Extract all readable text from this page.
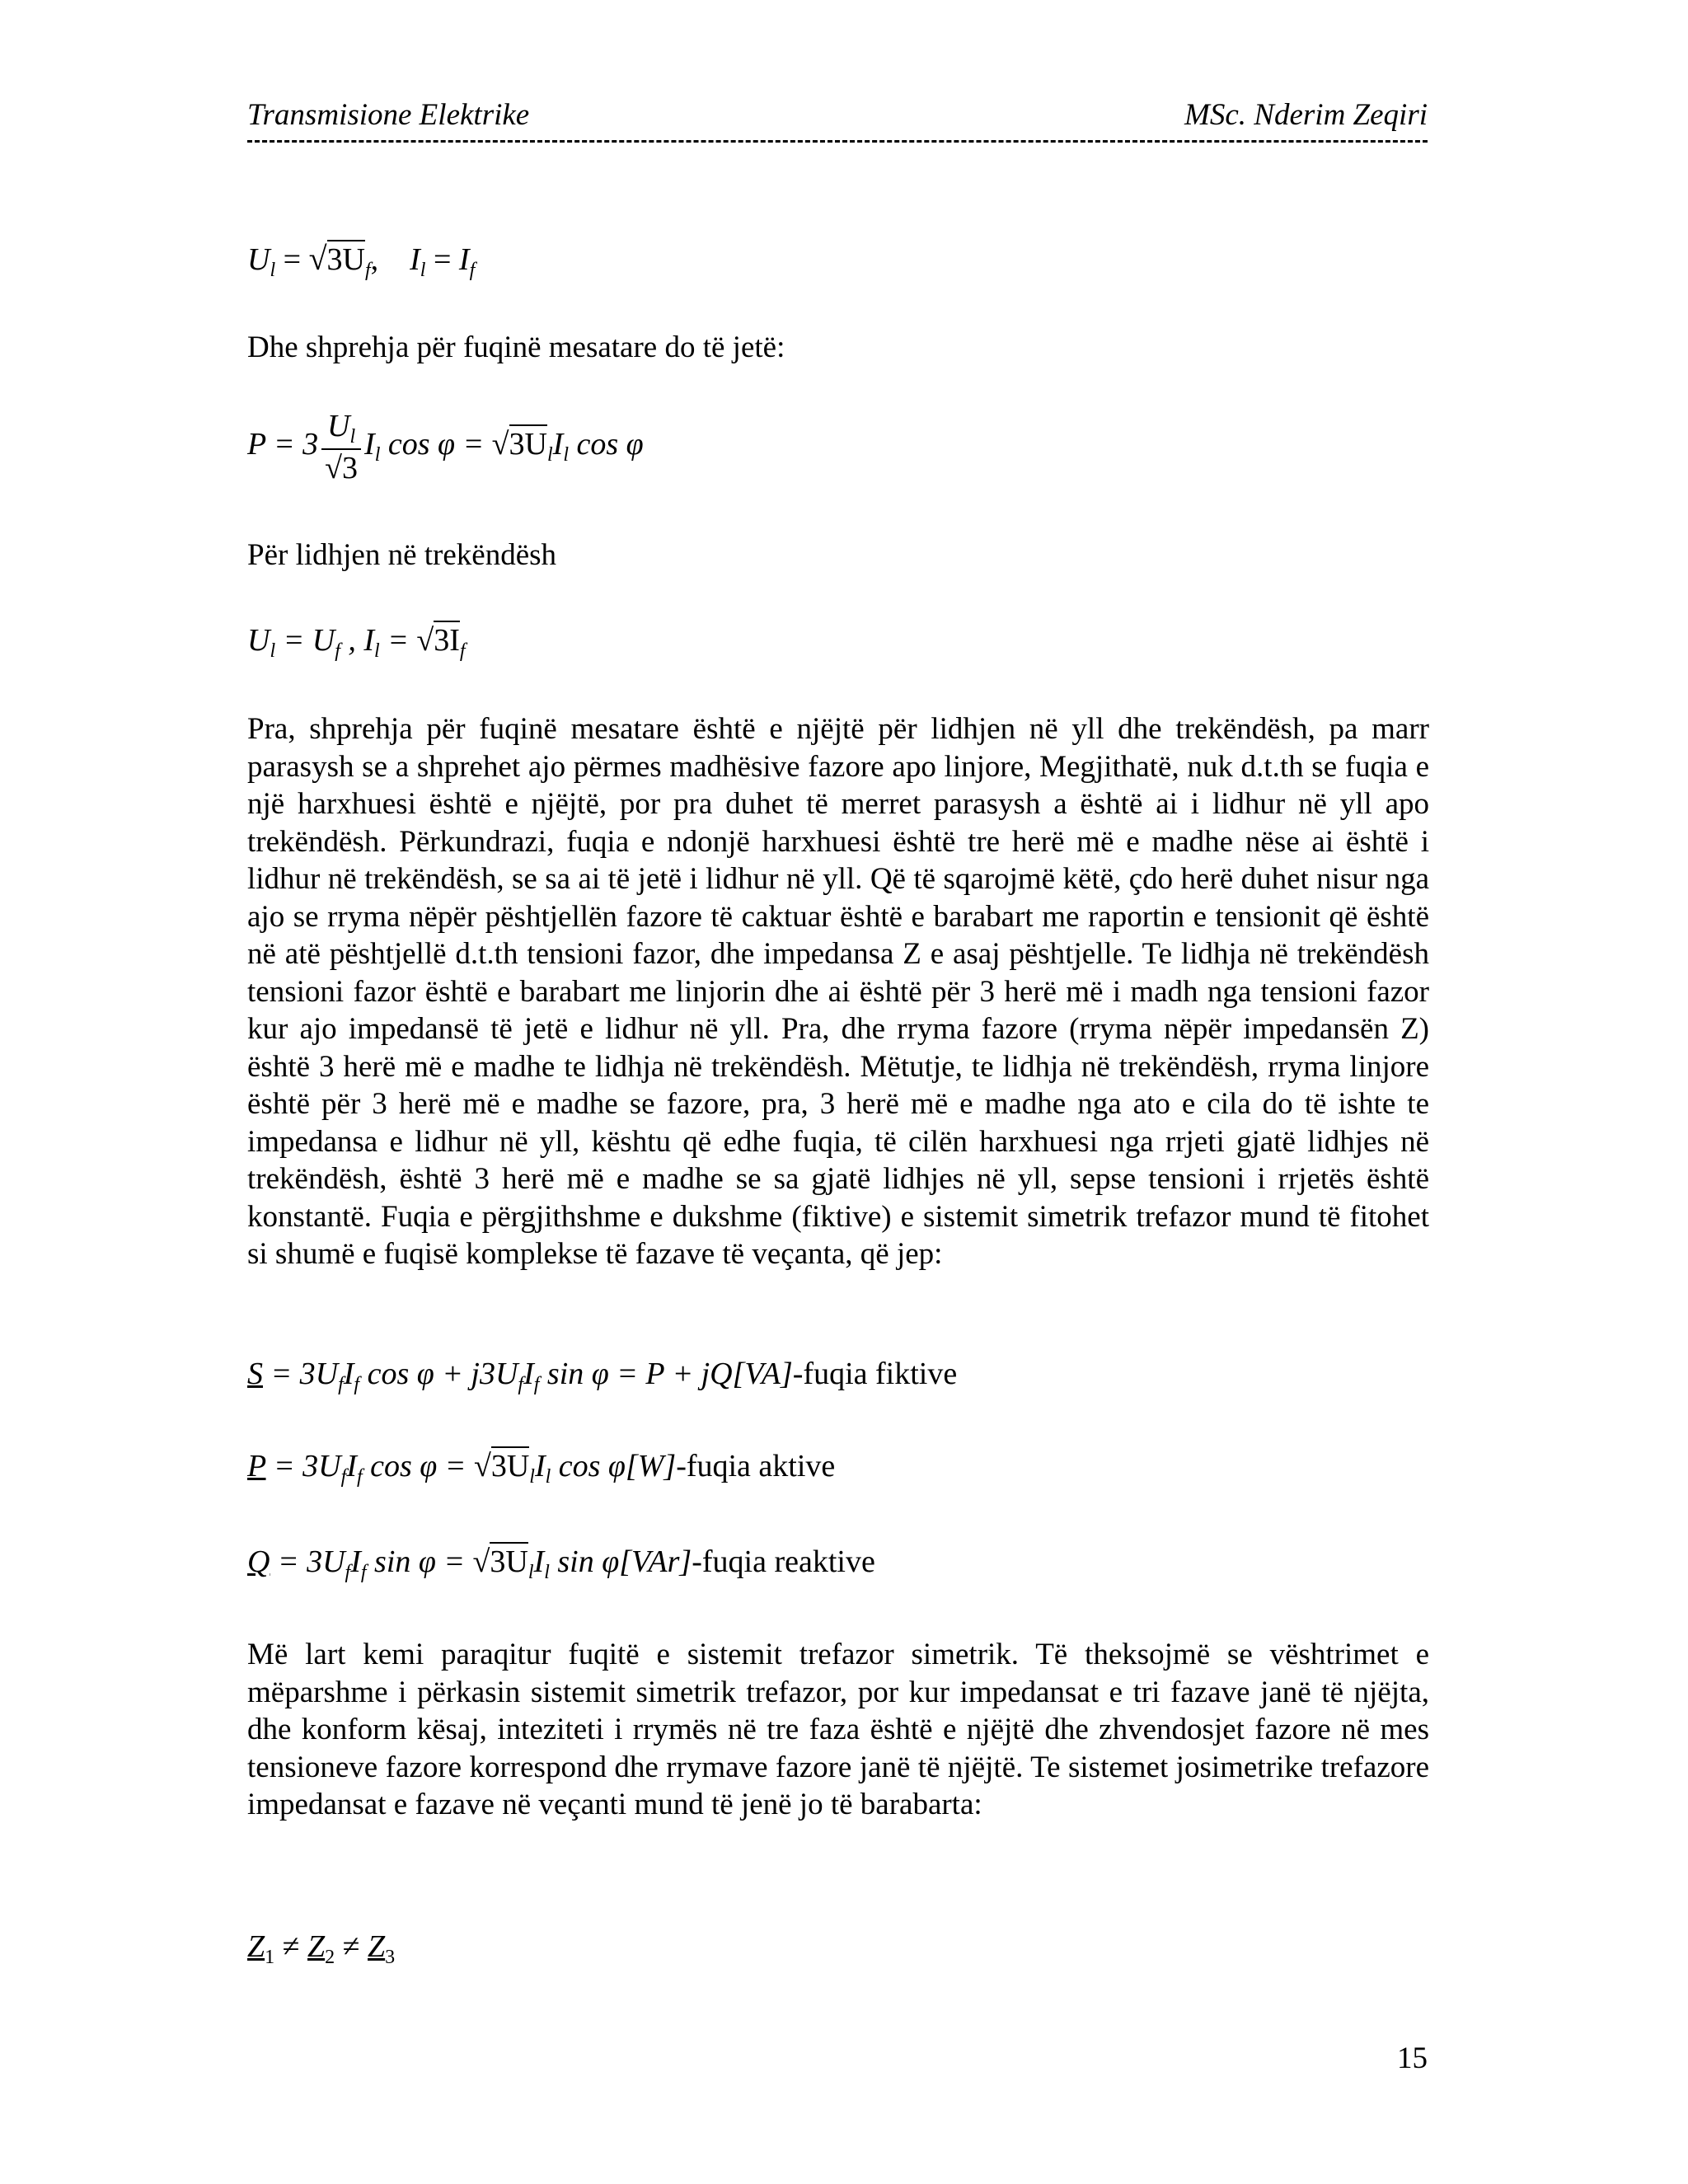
Transmisione Elektrike	MSc. Nderim Zeqiri
$U_l = √3U_f$, $I_l = I_f$
Dhe shprehja për fuqinë mesatare do të jetë:
$P = 3 \frac{U_l}{√3} I_l$ $\cos \varphi = √3U_lI_l$ cos φ
Për lidhjen në trekëndësh
$U_l = U_f$ , $I_l = √3I_f$

Pra, shprehja për fuqinë mesatare është e njëjtë për lidhjen në yll dhe trekëndësh, pa marr parasysh se a shprehet ajo përmes madhësive fazore apo linjore, Megjithatë, nuk d.t.th se fuqia e një harxhuesi është e njëjtë, por pra duhet të merret parasysh a është ai i lidhur në yll apo trekëndësh. Përkundrazi, fuqia e ndonjë harxhuesi është tre herë më e madhe nëse ai është i lidhur në trekëndësh, se sa ai të jetë i lidhur në yll. Që të sqarojmë këtë, çdo herë duhet nisur nga ajo se rryma nëpër pështjellën fazore të caktuar është e barabart me raportin e tensionit që është në atë pështjellë d.t.th tensioni fazor, dhe impedansa Z e asaj pështjelle. Te lidhja në trekëndësh tensioni fazor është e barabart me linjorin dhe ai është për 3 herë më i madh nga tensioni fazor kur ajo impedansë të jetë e lidhur në yll. Pra, dhe rryma fazore (rryma nëpër impedansën Z) është 3 herë më e madhe te lidhja në trekëndësh. Mëtutje, te lidhja në trekëndësh, rryma linjore është për 3 herë më e madhe se fazore, pra, 3 herë më e madhe nga ato e cila do të ishte te impedansa e lidhur në yll, kështu që edhe fuqia, të cilën harxhuesi nga rrjeti gjatë lidhjes në trekëndësh, është 3 herë më e madhe se sa gjatë lidhjes në yll, sepse tensioni i rrjetës është konstantë. Fuqia e përgjithshme e dukshme (fiktive) e sistemit simetrik trefazor mund të fitohet si shumë e fuqisë komplekse të fazave të veçanta, që jep:

$S = 3U_fI_f$ $\cos \varphi + j3U_fI_f$ sin φ = P + jQ[VA]-fuqia fiktive
$P = 3U_fI_f$ $\cos \varphi = √3U_lI_l$ cos φ[W]-fuqia aktive
$Q = 3U_fI_f$ $\sin \varphi = √3U_lI_l$ sin φ[VAr]-fuqia reaktive

Më lart kemi paraqitur fuqitë e sistemit trefazor simetrik. Të theksojmë se vështrimet e mëparshme i përkasin sistemit simetrik trefazor, por kur impedansat e tri fazave janë të njëjta, dhe konform kësaj, inteziteti i rrymës në tre faza është e njëjtë dhe zhvendosjet fazore në mes tensioneve fazore korrespond dhe rrymave fazore janë të njëjtë. Te sistemet josimetrike trefazore impedansat e fazave në veçanti mund të jenë jo të barabarta:

$Z_1 \ne Z_2 \ne Z_3$
15
